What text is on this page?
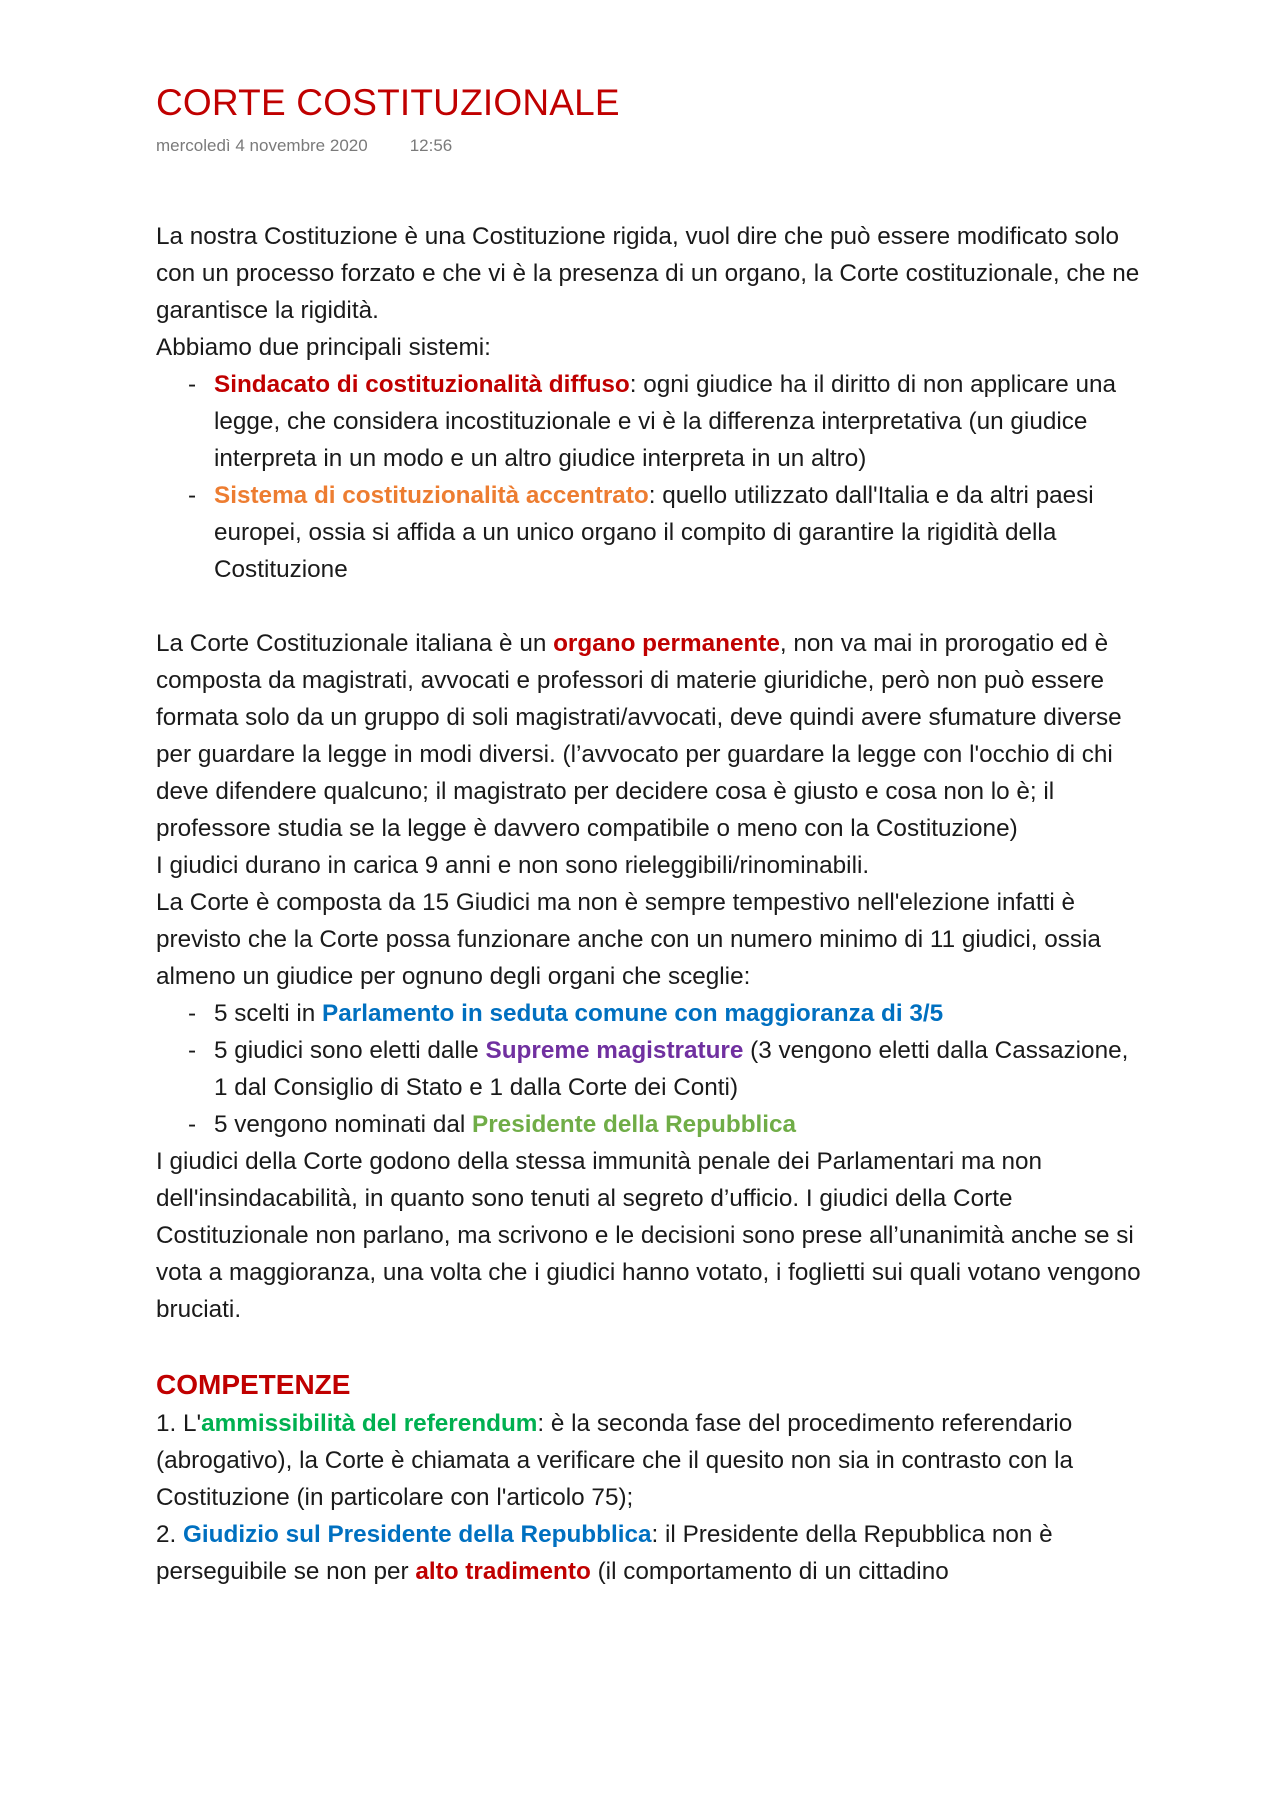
CORTE COSTITUZIONALE
mercoledì 4 novembre 2020 12:56

La nostra Costituzione è una Costituzione rigida, vuol dire che può essere modificato solo con un processo forzato e che vi è la presenza di un organo, la Corte costituzionale, che ne garantisce la rigidità.

Abbiamo due principali sistemi:

- Sindacato di costituzionalità diffuso: ogni giudice ha il diritto di non applicare una legge, che considera incostituzionale e vi è la differenza interpretativa (un giudice interpreta in un modo e un altro giudice interpreta in un altro)
- Sistema di costituzionalità accentrato: quello utilizzato dall'Italia e da altri paesi europei, ossia si affida a un unico organo il compito di garantire la rigidità della Costituzione

La Corte Costituzionale italiana è un organo permanente, non va mai in prorogatio ed è composta da magistrati, avvocati e professori di materie giuridiche, però non può essere formata solo da un gruppo di soli magistrati/avvocati, deve quindi avere sfumature diverse per guardare la legge in modi diversi. (l’avvocato per guardare la legge con l'occhio di chi deve difendere qualcuno; il magistrato per decidere cosa è giusto e cosa non lo è; il professore studia se la legge è davvero compatibile o meno con la Costituzione)

I giudici durano in carica 9 anni e non sono rieleggibili/rinominabili.

La Corte è composta da 15 Giudici ma non è sempre tempestivo nell'elezione infatti è previsto che la Corte possa funzionare anche con un numero minimo di 11 giudici, ossia almeno un giudice per ognuno degli organi che sceglie:

- 5 scelti in Parlamento in seduta comune con maggioranza di 3/5
- 5 giudici sono eletti dalle Supreme magistrature (3 vengono eletti dalla Cassazione, 1 dal Consiglio di Stato e 1 dalla Corte dei Conti)
- 5 vengono nominati dal Presidente della Repubblica

I giudici della Corte godono della stessa immunità penale dei Parlamentari ma non dell'insindacabilità, in quanto sono tenuti al segreto d’ufficio. I giudici della Corte Costituzionale non parlano, ma scrivono e le decisioni sono prese all’unanimità anche se si vota a maggioranza, una volta che i giudici hanno votato, i foglietti sui quali votano vengono bruciati.

COMPETENZE

1. L'ammissibilità del referendum: è la seconda fase del procedimento referendario (abrogativo), la Corte è chiamata a verificare che il quesito non sia in contrasto con la Costituzione (in particolare con l'articolo 75);

2. Giudizio sul Presidente della Repubblica: il Presidente della Repubblica non è perseguibile se non per alto tradimento (il comportamento di un cittadino
